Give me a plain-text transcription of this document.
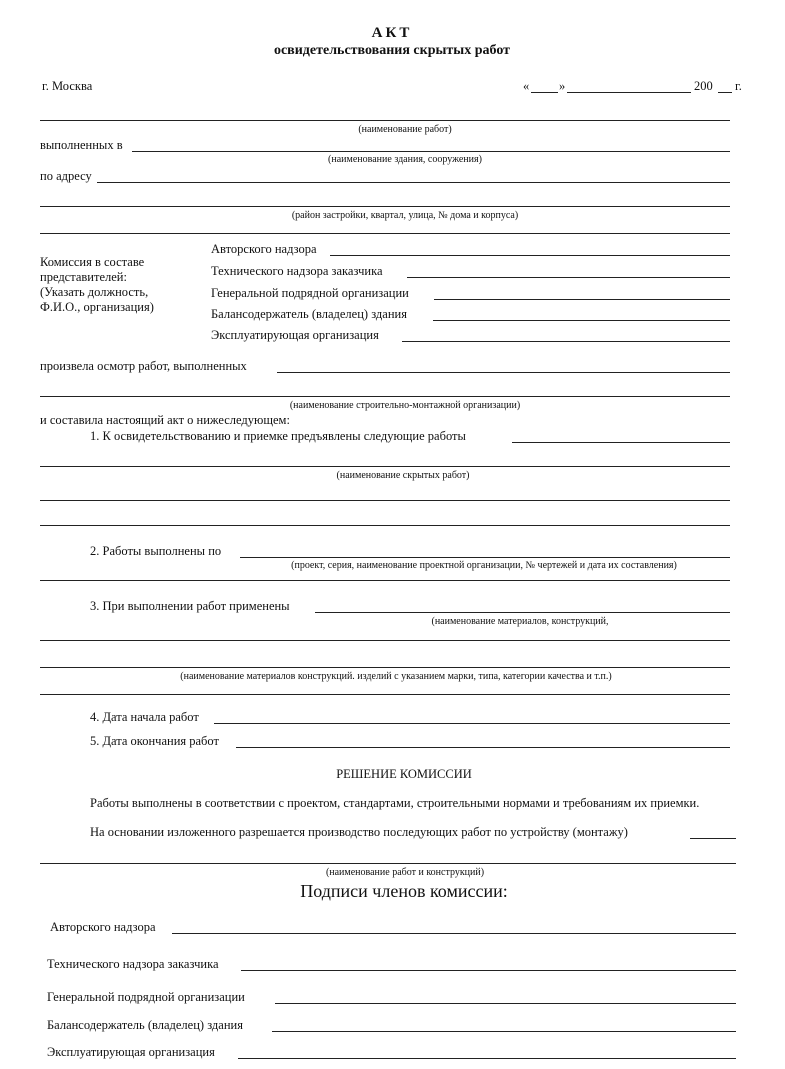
АКТ
освидетельствования скрытых работ
г. Москва	« »	200 г.
(наименование работ)
выполненных в
(наименование здания, сооружения)
по адресу
(район застройки, квартал, улица, № дома и корпуса)
Комиссия в составе
представителей:
(Указать должность,
Ф.И.О., организация)
Авторского надзора
Технического надзора заказчика
Генеральной подрядной организации
Балансодержатель (владелец) здания
Эксплуатирующая организация
произвела осмотр работ, выполненных
(наименование строительно-монтажной организации)
и составила настоящий акт о нижеследующем:
1. К освидетельствованию и приемке предъявлены следующие работы
(наименование скрытых работ)
2. Работы выполнены по
(проект, серия, наименование проектной организации, № чертежей и дата их составления)
3. При выполнении работ применены
(наименование материалов, конструкций,
(наименование материалов конструкций. изделий с указанием марки, типа, категории качества и т.п.)
4. Дата начала работ
5. Дата окончания работ
РЕШЕНИЕ КОМИССИИ
Работы выполнены в соответствии с проектом, стандартами, строительными нормами и требованиям их приемки.
На основании изложенного разрешается производство последующих работ по устройству (монтажу)
(наименование работ и конструкций)
Подписи членов комиссии:
Авторского надзора
Технического надзора заказчика
Генеральной подрядной организации
Балансодержатель (владелец) здания
Эксплуатирующая организация
